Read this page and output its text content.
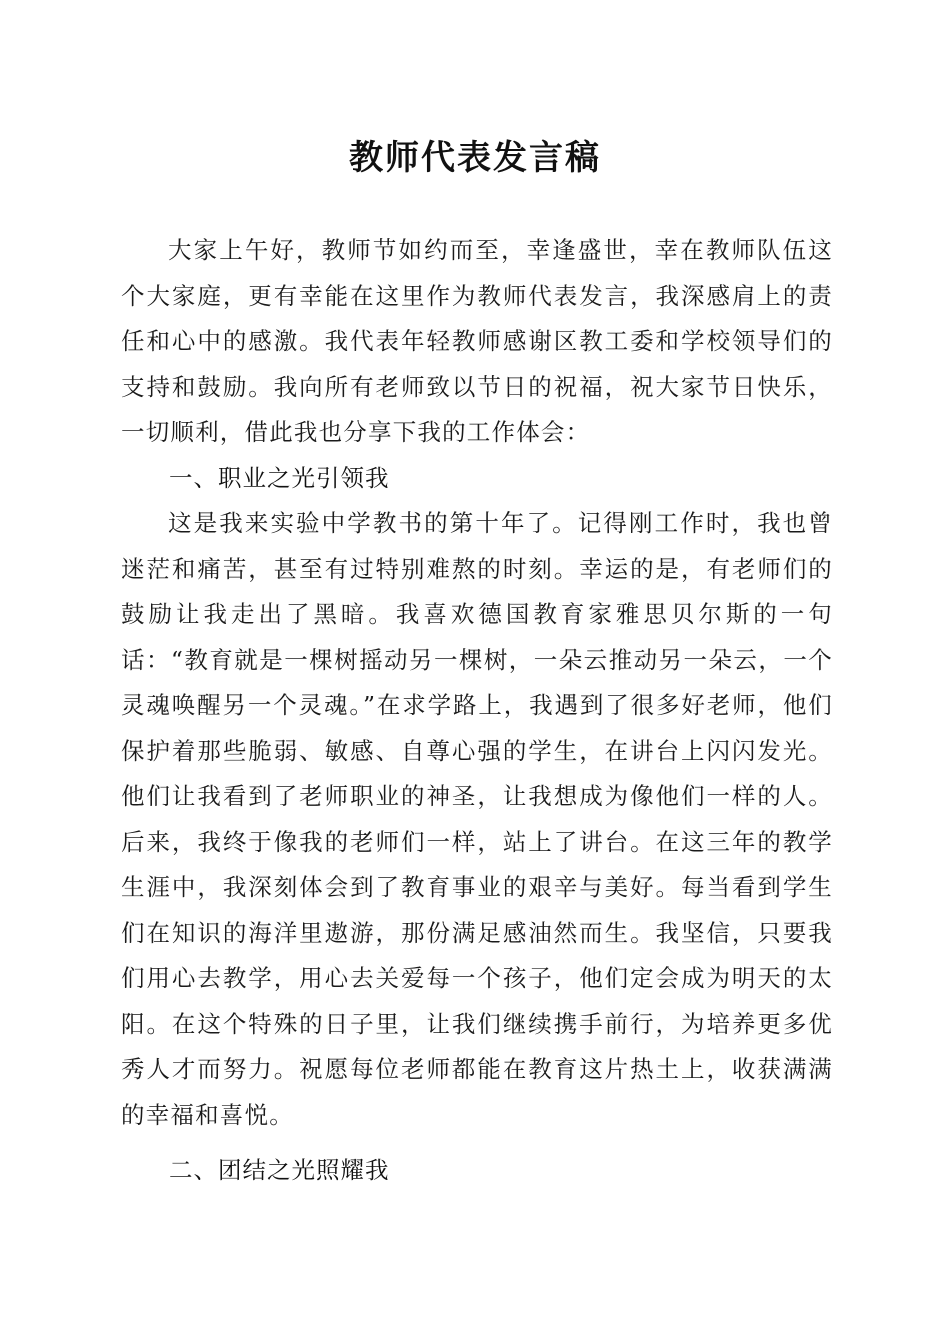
教师代表发言稿

大家上午好，教师节如约而至，幸逢盛世，幸在教师队伍这个大家庭，更有幸能在这里作为教师代表发言，我深感肩上的责任和心中的感激。我代表年轻教师感谢区教工委和学校领导们的支持和鼓励。我向所有老师致以节日的祝福，祝大家节日快乐，一切顺利，借此我也分享下我的工作体会：

一、职业之光引领我

这是我来实验中学教书的第十年了。记得刚工作时，我也曾迷茫和痛苦，甚至有过特别难熬的时刻。幸运的是，有老师们的鼓励让我走出了黑暗。我喜欢德国教育家雅思贝尔斯的一句话：“教育就是一棵树摇动另一棵树，一朵云推动另一朵云，一个灵魂唤醒另一个灵魂。”在求学路上，我遇到了很多好老师，他们保护着那些脆弱、敏感、自尊心强的学生，在讲台上闪闪发光。他们让我看到了老师职业的神圣，让我想成为像他们一样的人。后来，我终于像我的老师们一样，站上了讲台。在这三年的教学生涯中，我深刻体会到了教育事业的艰辛与美好。每当看到学生们在知识的海洋里遨游，那份满足感油然而生。我坚信，只要我们用心去教学，用心去关爱每一个孩子，他们定会成为明天的太阳。在这个特殊的日子里，让我们继续携手前行，为培养更多优秀人才而努力。祝愿每位老师都能在教育这片热土上，收获满满的幸福和喜悦。

二、团结之光照耀我
